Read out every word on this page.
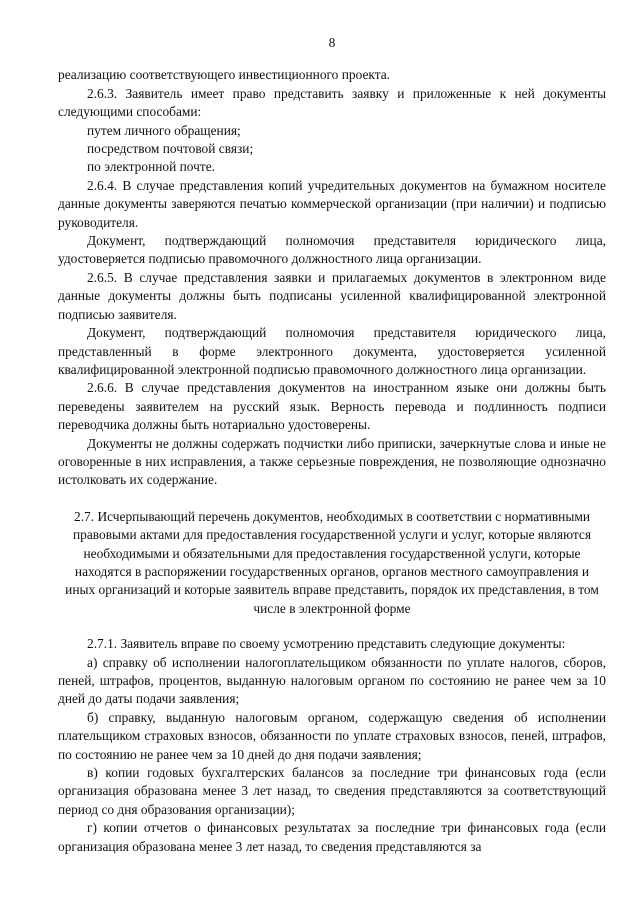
8

реализацию соответствующего инвестиционного проекта.

2.6.3. Заявитель имеет право представить заявку и приложенные к ней документы следующими способами:

путем личного обращения;

посредством почтовой связи;

по электронной почте.

2.6.4. В случае представления копий учредительных документов на бумажном носителе данные документы заверяются печатью коммерческой организации (при наличии) и подписью руководителя.

Документ, подтверждающий полномочия представителя юридического лица, удостоверяется подписью правомочного должностного лица организации.

2.6.5. В случае представления заявки и прилагаемых документов в электронном виде данные документы должны быть подписаны усиленной квалифицированной электронной подписью заявителя.

Документ, подтверждающий полномочия представителя юридического лица, представленный в форме электронного документа, удостоверяется усиленной квалифицированной электронной подписью правомочного должностного лица организации.

2.6.6. В случае представления документов на иностранном языке они должны быть переведены заявителем на русский язык. Верность перевода и подлинность подписи переводчика должны быть нотариально удостоверены.

Документы не должны содержать подчистки либо приписки, зачеркнутые слова и иные не оговоренные в них исправления, а также серьезные повреждения, не позволяющие однозначно истолковать их содержание.

2.7. Исчерпывающий перечень документов, необходимых в соответствии с нормативными правовыми актами для предоставления государственной услуги и услуг, которые являются необходимыми и обязательными для предоставления государственной услуги, которые находятся в распоряжении государственных органов, органов местного самоуправления и иных организаций и которые заявитель вправе представить, порядок их представления, в том числе в электронной форме

2.7.1. Заявитель вправе по своему усмотрению представить следующие документы:

а) справку об исполнении налогоплательщиком обязанности по уплате налогов, сборов, пеней, штрафов, процентов, выданную налоговым органом по состоянию не ранее чем за 10 дней до даты подачи заявления;

б) справку, выданную налоговым органом, содержащую сведения об исполнении плательщиком страховых взносов, обязанности по уплате страховых взносов, пеней, штрафов, по состоянию не ранее чем за 10 дней до дня подачи заявления;

в) копии годовых бухгалтерских балансов за последние три финансовых года (если организация образована менее 3 лет назад, то сведения представляются за соответствующий период со дня образования организации);

г) копии отчетов о финансовых результатах за последние три финансовых года (если организация образована менее 3 лет назад, то сведения представляются за
